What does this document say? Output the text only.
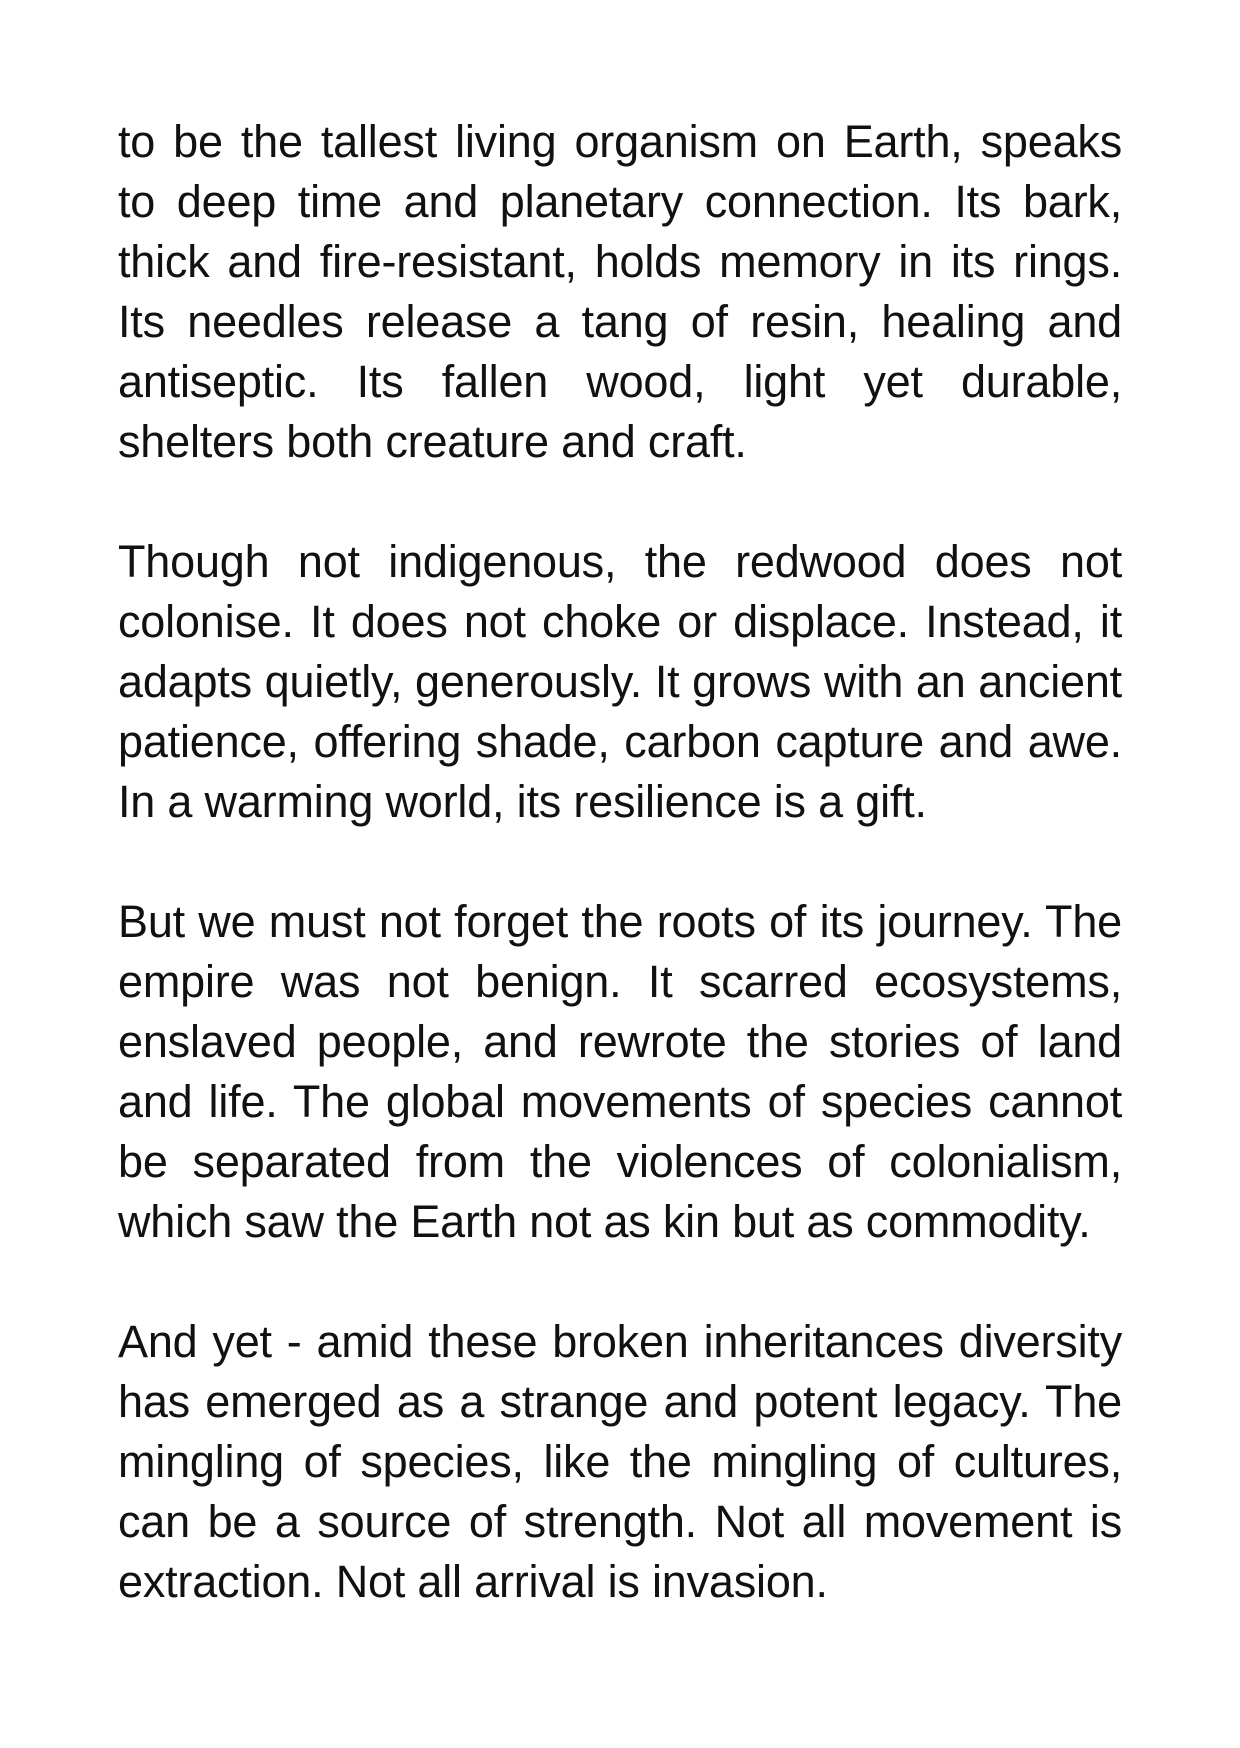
to be the tallest living organism on Earth, speaks to deep time and planetary connection. Its bark, thick and fire-resistant, holds memory in its rings. Its needles release a tang of resin, healing and antiseptic. Its fallen wood, light yet durable, shelters both creature and craft.

Though not indigenous, the redwood does not colonise. It does not choke or displace. Instead, it adapts quietly, generously. It grows with an ancient patience, offering shade, carbon capture and awe. In a warming world, its resilience is a gift.

But we must not forget the roots of its journey. The empire was not benign. It scarred ecosystems, enslaved people, and rewrote the stories of land and life. The global movements of species cannot be separated from the violences of colonialism, which saw the Earth not as kin but as commodity.

And yet - amid these broken inheritances diversity has emerged as a strange and potent legacy. The mingling of species, like the mingling of cultures, can be a source of strength. Not all movement is extraction. Not all arrival is invasion.
